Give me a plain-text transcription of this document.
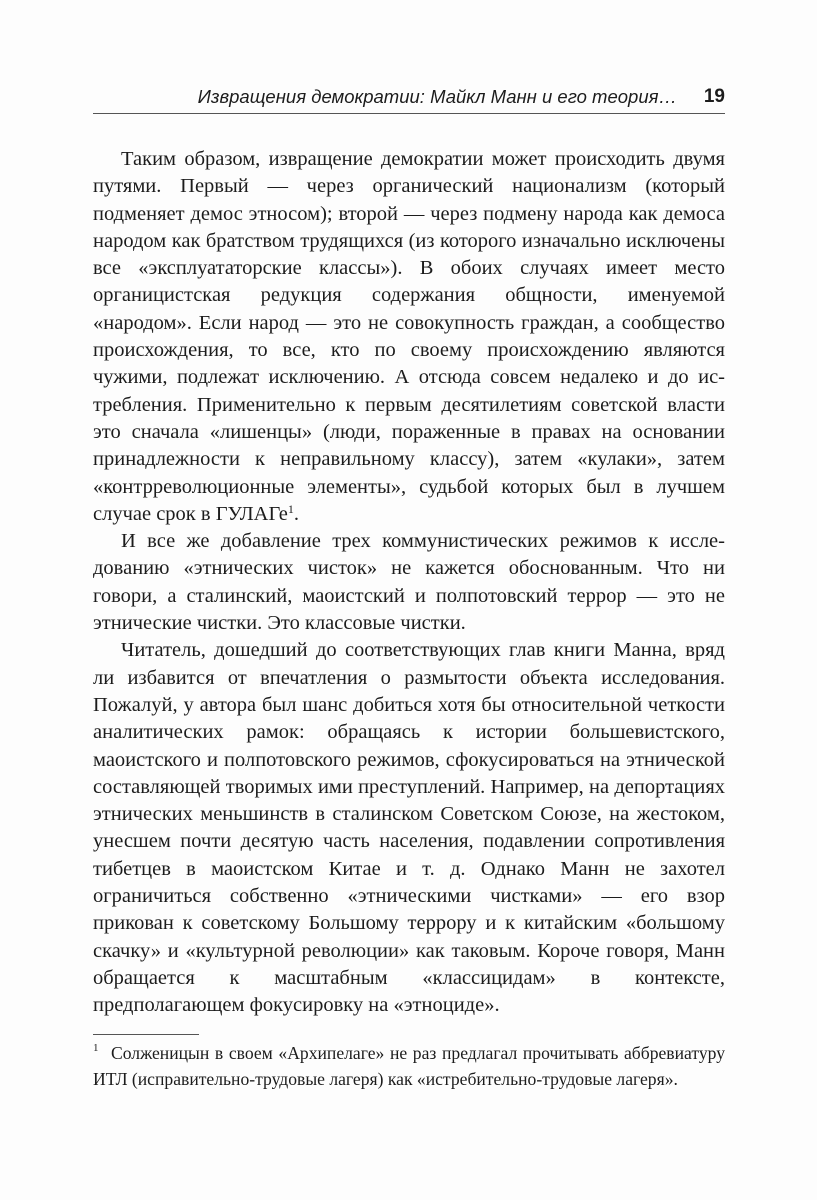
Извращения демократии: Майкл Манн и его теория… 19

Таким образом, извращение демократии может происходить двумя путями. Первый — через органический национализм (который подменяет демос этносом); второй — через подмену народа как демоса народом как братством трудящихся (из которого изначально исключены все «эксплуататорские классы»). В обоих случаях имеет место органицистская редукция содержания общности, именуемой «народом». Если народ — это не совокупность граждан, а сообщество происхождения, то все, кто по своему происхождению являются чужими, подлежат исключению. А отсюда совсем недалеко и до истребления. Применительно к первым десятилетиям советской власти это сначала «лишенцы» (люди, пораженные в правах на основании принадлежности к неправильному классу), затем «кулаки», затем «контрреволюционные элементы», судьбой которых был в лучшем случае срок в ГУЛАГе$^1$.

И все же добавление трех коммунистических режимов к исследованию «этнических чисток» не кажется обоснованным. Что ни говори, а сталинский, маоистский и полпотовский террор — это не этнические чистки. Это классовые чистки.

Читатель, дошедший до соответствующих глав книги Манна, вряд ли избавится от впечатления о размытости объекта исследования. Пожалуй, у автора был шанс добиться хотя бы относительной четкости аналитических рамок: обращаясь к истории большевистского, маоистского и полпотовского режимов, сфокусироваться на этнической составляющей творимых ими преступлений. Например, на депортациях этнических меньшинств в сталинском Советском Союзе, на жестоком, унесшем почти десятую часть населения, подавлении сопротивления тибетцев в маоистском Китае и т. д. Однако Манн не захотел ограничиться собственно «этническими чистками» — его взор прикован к советскому Большому террору и к китайским «большому скачку» и «культурной революции» как таковым. Короче говоря, Манн обращается к масштабным «классицидам» в контексте, предполагающем фокусировку на «этноциде».

1 Солженицын в своем «Архипелаге» не раз предлагал прочитывать аббревиатуру ИТЛ (исправительно-трудовые лагеря) как «истребительно-трудовые лагеря».
